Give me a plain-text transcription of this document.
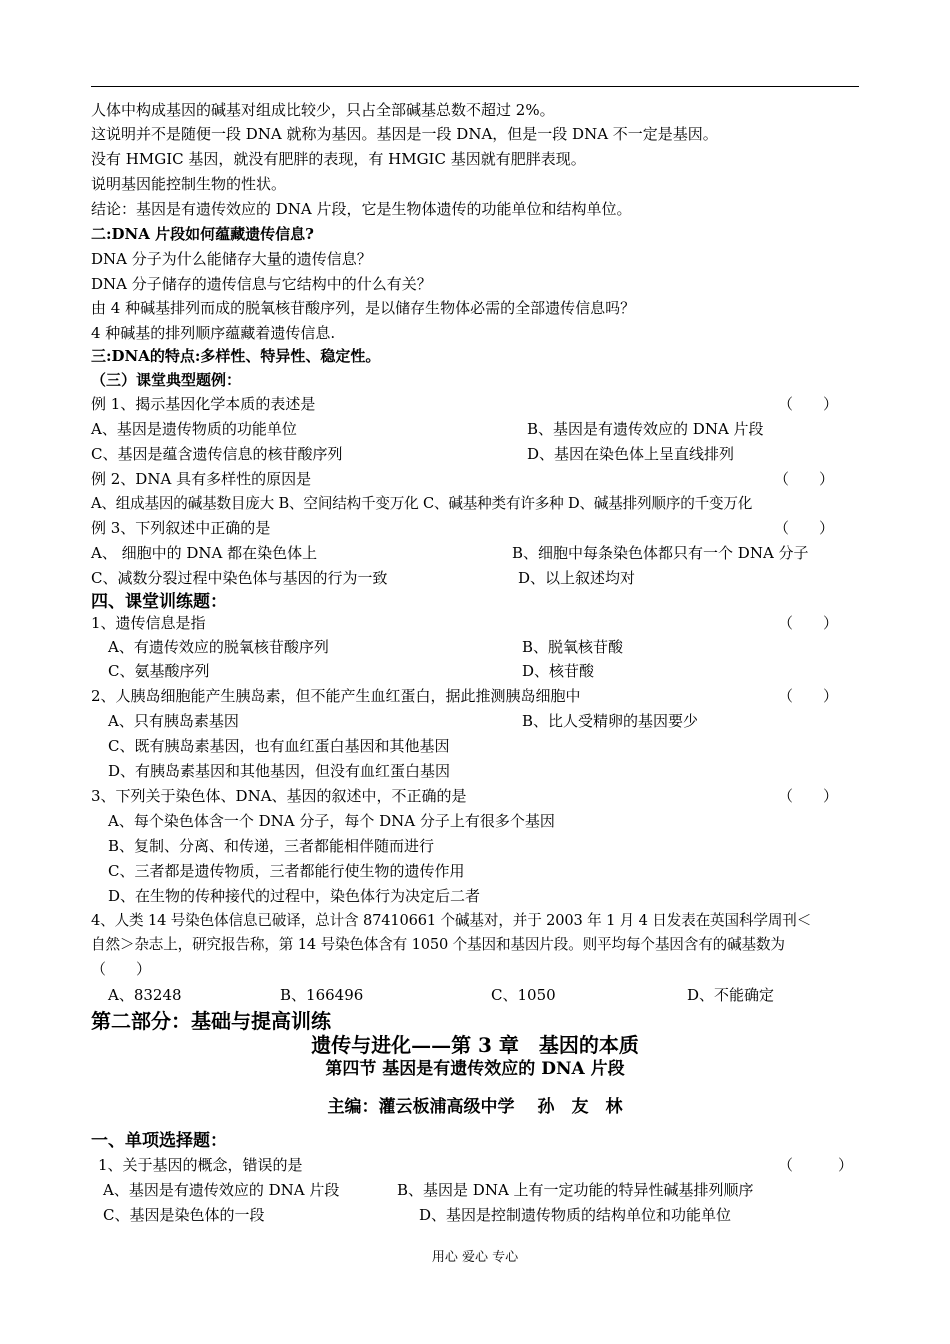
人体中构成基因的碱基对组成比较少，只占全部碱基总数不超过 2%。
这说明并不是随便一段 DNA 就称为基因。基因是一段 DNA，但是一段 DNA 不一定是基因。
没有 HMGIC 基因，就没有肥胖的表现，有 HMGIC 基因就有肥胖表现。
说明基因能控制生物的性状。
结论：基因是有遗传效应的 DNA 片段，它是生物体遗传的功能单位和结构单位。
二:DNA 片段如何蕴藏遗传信息?
DNA 分子为什么能储存大量的遗传信息？
DNA 分子储存的遗传信息与它结构中的什么有关？
由 4 种碱基排列而成的脱氧核苷酸序列，是以储存生物体必需的全部遗传信息吗？
4 种碱基的排列顺序蕴藏着遗传信息.
三:DNA的特点:多样性、特异性、稳定性。
（三）课堂典型题例：
例 1、揭示基因化学本质的表述是	（　　）
A、基因是遗传物质的功能单位	B、基因是有遗传效应的 DNA 片段
C、基因是蕴含遗传信息的核苷酸序列	D、基因在染色体上呈直线排列
例 2、DNA 具有多样性的原因是	（　　）
A、组成基因的碱基数目庞大 B、空间结构千变万化 C、碱基种类有许多种 D、碱基排列顺序的千变万化
例 3、下列叙述中正确的是	（　　）
A、 细胞中的 DNA 都在染色体上	B、细胞中每条染色体都只有一个 DNA 分子
C、减数分裂过程中染色体与基因的行为一致	D、以上叙述均对
四、课堂训练题：
1、遗传信息是指	（　　）
A、有遗传效应的脱氧核苷酸序列	B、脱氧核苷酸
C、氨基酸序列	D、核苷酸
2、人胰岛细胞能产生胰岛素，但不能产生血红蛋白，据此推测胰岛细胞中	（　　）
A、只有胰岛素基因	B、比人受精卵的基因要少
C、既有胰岛素基因，也有血红蛋白基因和其他基因
D、有胰岛素基因和其他基因，但没有血红蛋白基因
3、下列关于染色体、DNA、基因的叙述中，不正确的是	（　　）
A、每个染色体含一个 DNA 分子，每个 DNA 分子上有很多个基因
B、复制、分离、和传递，三者都能相伴随而进行
C、三者都是遗传物质，三者都能行使生物的遗传作用
D、在生物的传种接代的过程中，染色体行为决定后二者
4、人类 14 号染色体信息已破译，总计含 87410661 个碱基对，并于 2003 年 1 月 4 日发表在英国科学周刊＜
自然＞杂志上，研究报告称，第 14 号染色体含有 1050 个基因和基因片段。则平均每个基因含有的碱基数为
（　　）
A、83248	B、166496	C、1050	D、不能确定
第二部分：基础与提高训练
遗传与进化——第 3 章　基因的本质
第四节 基因是有遗传效应的 DNA 片段
主编：灌云板浦高级中学　 孙　友　林
一、单项选择题：
1、关于基因的概念，错误的是	（　　　）
A、基因是有遗传效应的 DNA 片段	B、基因是 DNA 上有一定功能的特异性碱基排列顺序
C、基因是染色体的一段	D、基因是控制遗传物质的结构单位和功能单位
用心 爱心 专心
